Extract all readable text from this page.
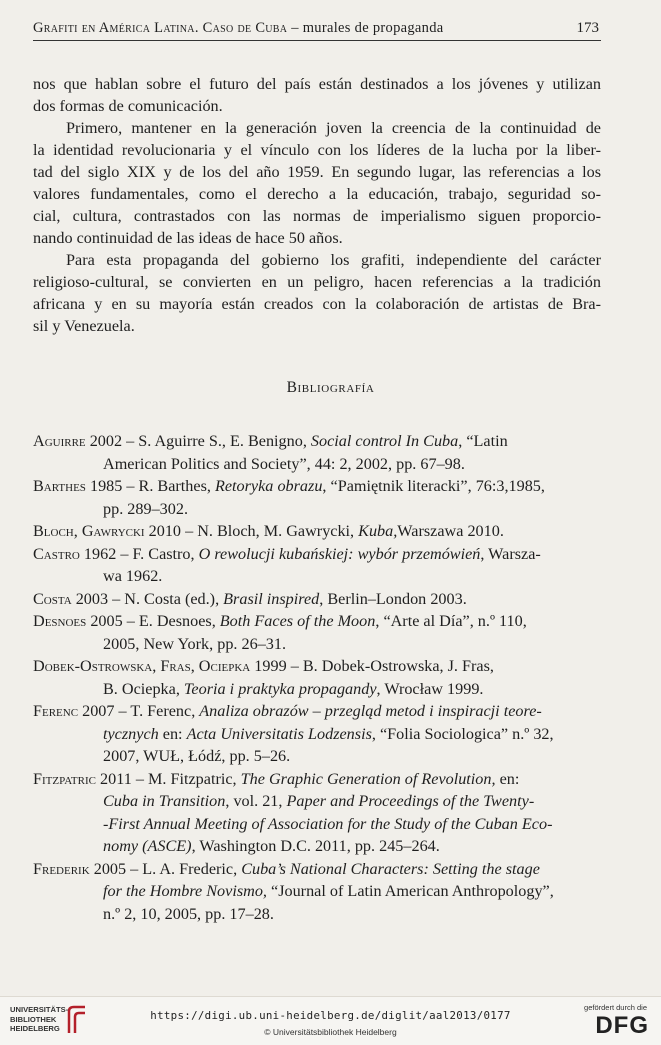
Grafiti en América Latina. Caso de Cuba – murales de propaganda	173
nos que hablan sobre el futuro del país están destinados a los jóvenes y utilizan
dos formas de comunicación.
Primero, mantener en la generación joven la creencia de la continuidad de
la identidad revolucionaria y el vínculo con los líderes de la lucha por la liber-
tad del siglo XIX y de los del año 1959. En segundo lugar, las referencias a los
valores fundamentales, como el derecho a la educación, trabajo, seguridad so-
cial, cultura, contrastados con las normas de imperialismo siguen proporcio-
nando continuidad de las ideas de hace 50 años.
Para esta propaganda del gobierno los grafiti, independiente del carácter
religioso-cultural, se convierten en un peligro, hacen referencias a la tradición
africana y en su mayoría están creados con la colaboración de artistas de Bra-
sil y Venezuela.
Bibliografía
Aguirre 2002 – S. Aguirre S., E. Benigno, Social control In Cuba, “Latin
American Politics and Society”, 44: 2, 2002, pp. 67–98.
Barthes 1985 – R. Barthes, Retoryka obrazu, “Pamiętnik literacki”, 76:3,1985,
pp. 289–302.
Bloch, Gawrycki 2010 – N. Bloch, M. Gawrycki, Kuba,Warszawa 2010.
Castro 1962 – F. Castro, O rewolucji kubańskiej: wybór przemówień, Warsza-
wa 1962.
Costa 2003 – N. Costa (ed.), Brasil inspired, Berlin–London 2003.
Desnoes 2005 – E. Desnoes, Both Faces of the Moon, “Arte al Día”, n.º 110,
2005, New York, pp. 26–31.
Dobek-Ostrowska, Fras, Ociepka 1999 – B. Dobek-Ostrowska, J. Fras,
B. Ociepka, Teoria i praktyka propagandy, Wrocław 1999.
Ferenc 2007 – T. Ferenc, Analiza obrazów – przegląd metod i inspiracji teore-
tycznych en: Acta Universitatis Lodzensis, “Folia Sociologica” n.º 32,
2007, WUŁ, Łódź, pp. 5–26.
Fitzpatric 2011 – M. Fitzpatric, The Graphic Generation of Revolution, en:
Cuba in Transition, vol. 21, Paper and Proceedings of the Twenty-
-First Annual Meeting of Association for the Study of the Cuban Eco-
nomy (ASCE), Washington D.C. 2011, pp. 245–264.
Frederik 2005 – L. A. Frederic, Cuba’s National Characters: Setting the stage
for the Hombre Novismo, “Journal of Latin American Anthropology”,
n.º 2, 10, 2005, pp. 17–28.
UNIVERSITÄTS-
BIBLIOTHEK
HEIDELBERG
https://digi.ub.uni-heidelberg.de/diglit/aal2013/0177
© Universitätsbibliothek Heidelberg
gefördert durch die
DFG
